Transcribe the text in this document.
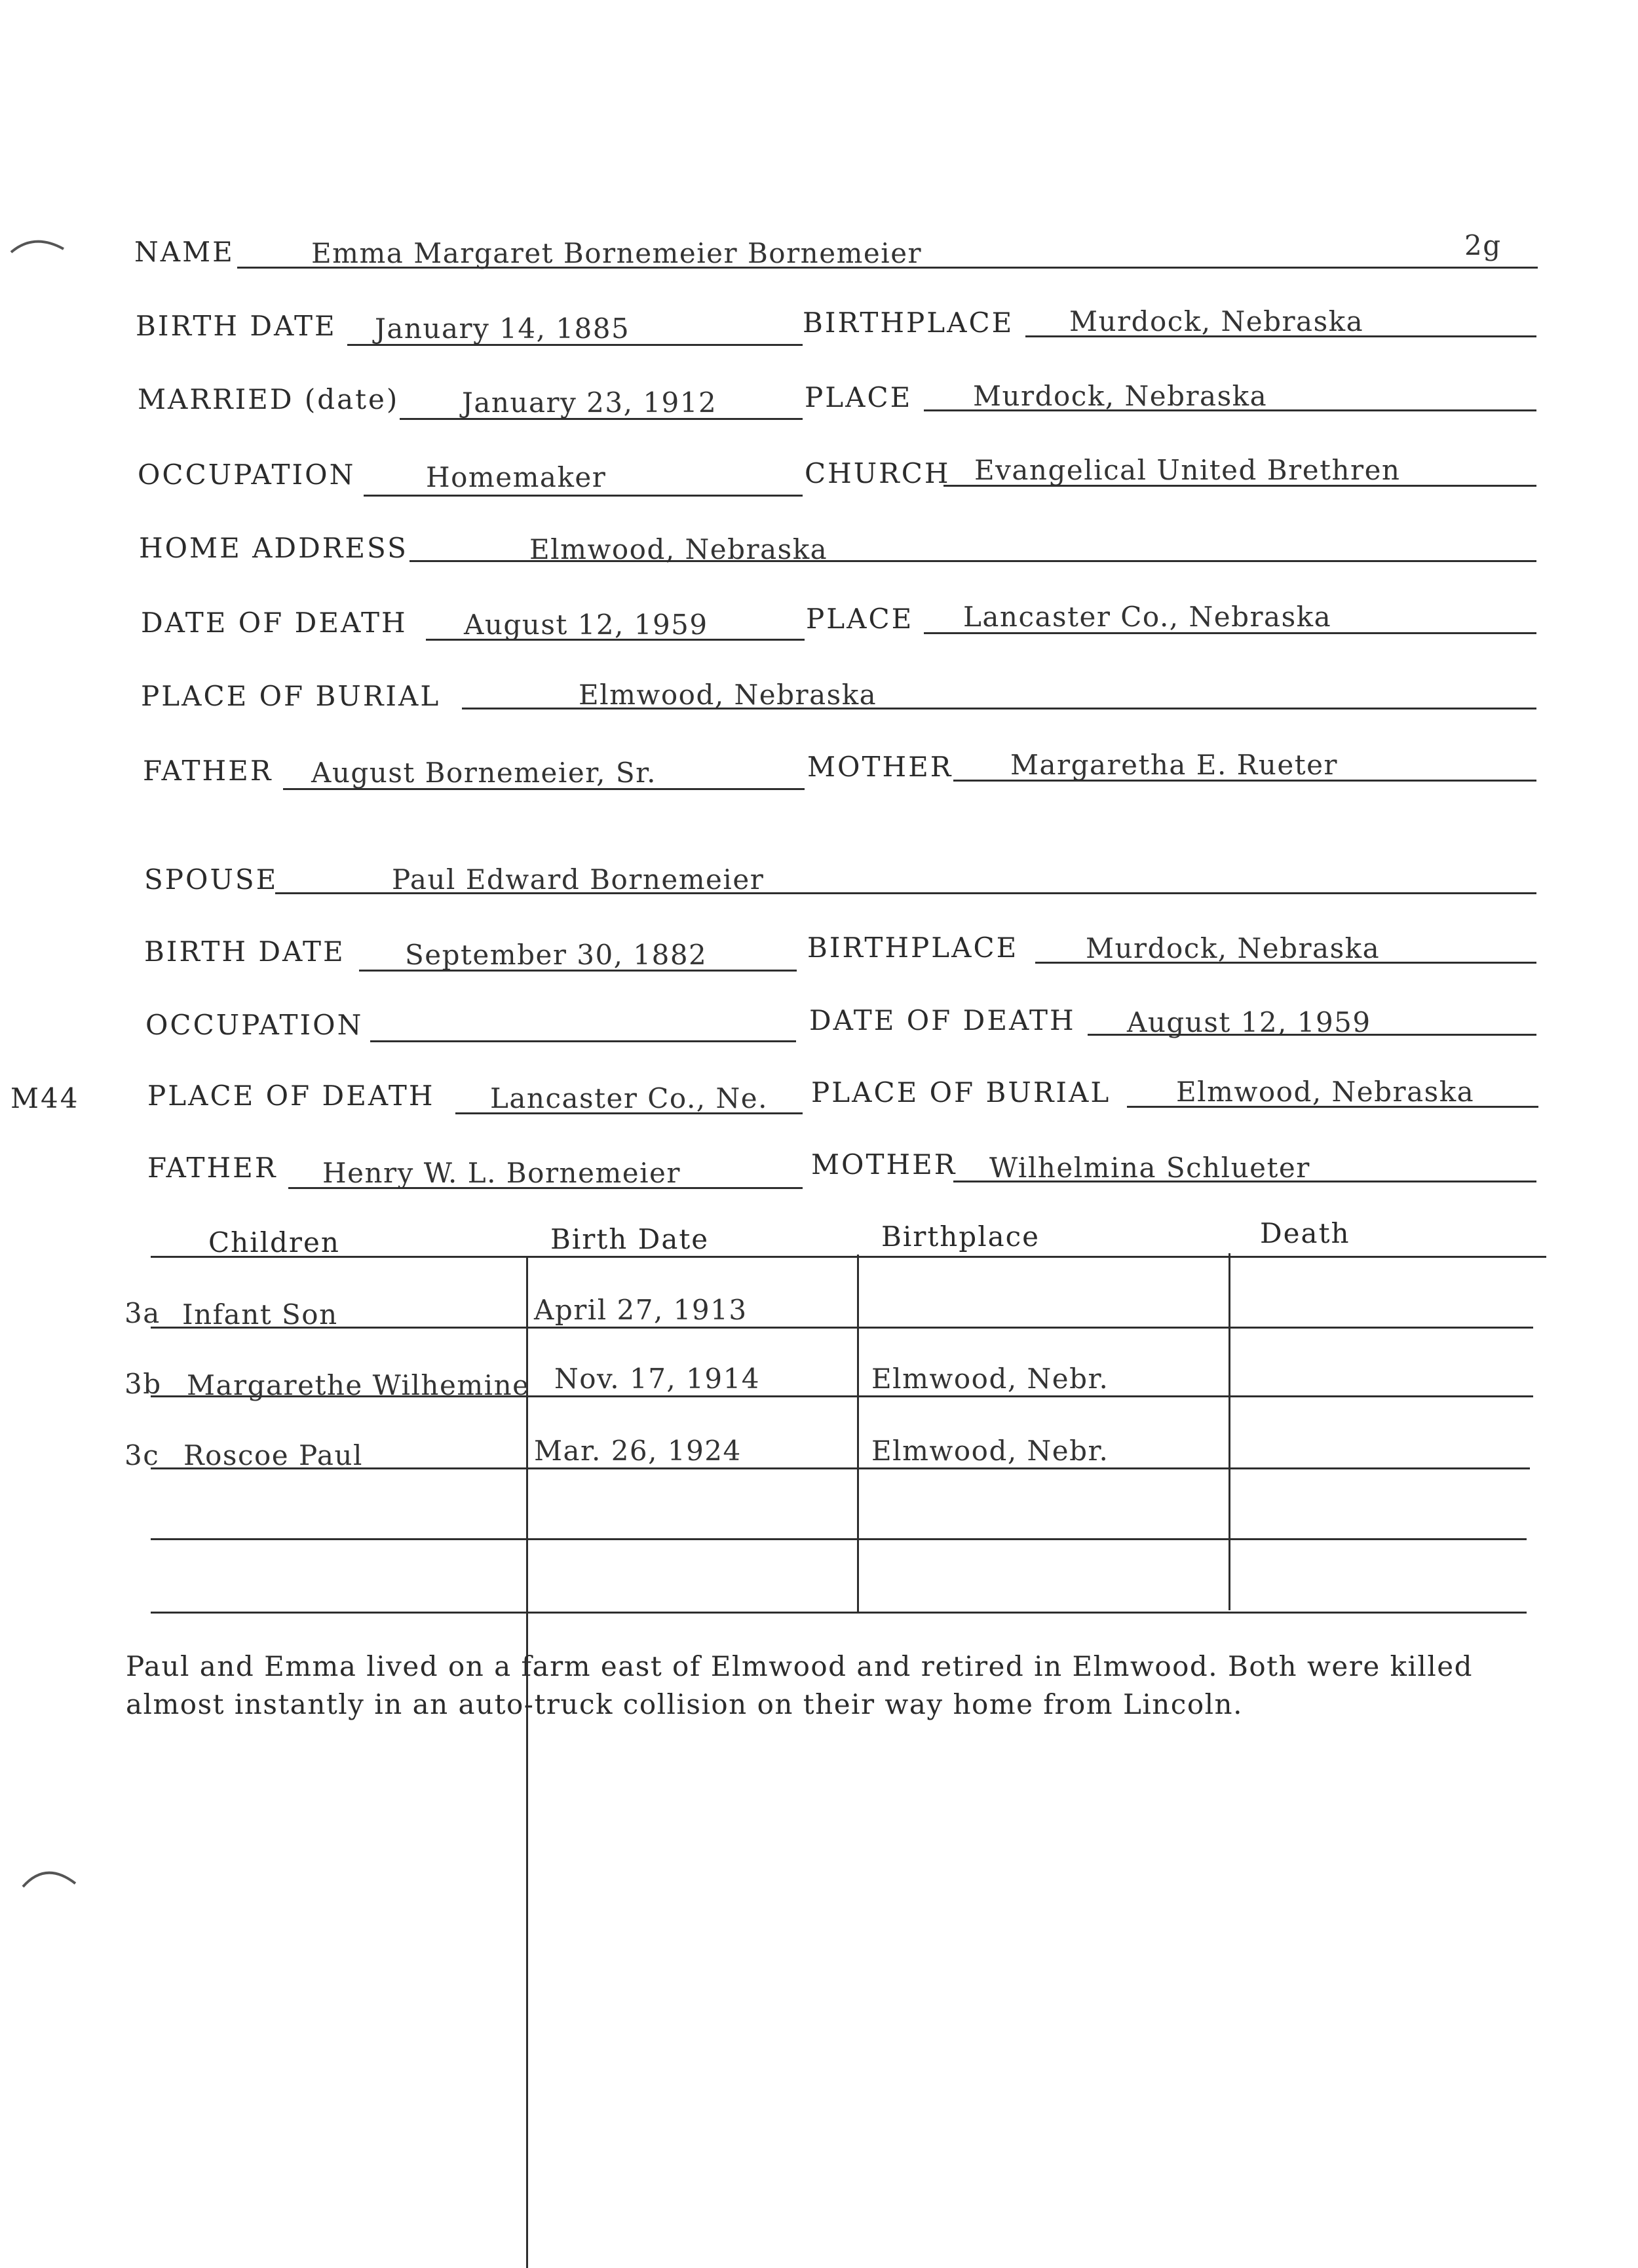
NAME	Emma Margaret Bornemeier Bornemeier	2g
BIRTH DATE January 14, 1885	BIRTHPLACE Murdock, Nebraska
MARRIED (date) January 23, 1912	PLACE Murdock, Nebraska
OCCUPATION	Homemaker	CHURCH Evangelical United Brethren
HOME ADDRESS	Elmwood, Nebraska
DATE OF DEATH August 12, 1959	PLACE Lancaster Co., Nebraska
PLACE OF BURIAL	Elmwood, Nebraska
FATHER August Bornemeier, Sr.	MOTHER Margaretha E. Rueter
SPOUSE	Paul Edward Bornemeier
BIRTH DATE September 30, 1882	BIRTHPLACE Murdock, Nebraska
OCCUPATION	DATE OF DEATH August 12, 1959
M44 PLACE OF DEATH Lancaster Co., Ne. PLACE OF BURIAL Elmwood, Nebraska
FATHER Henry W. L. Bornemeier	MOTHER Wilhelmina Schlueter
Children	Birth Date	Birthplace	Death
3a Infant Son	April 27, 1913
3b Margarethe Wilhemine Nov. 17, 1914	Elmwood, Nebr.
3c Roscoe Paul	Mar. 26, 1924	Elmwood, Nebr.
Paul and Emma lived on a farm east of Elmwood and retired in Elmwood. Both were killed almost instantly in an auto-truck collision on their way home from Lincoln.
